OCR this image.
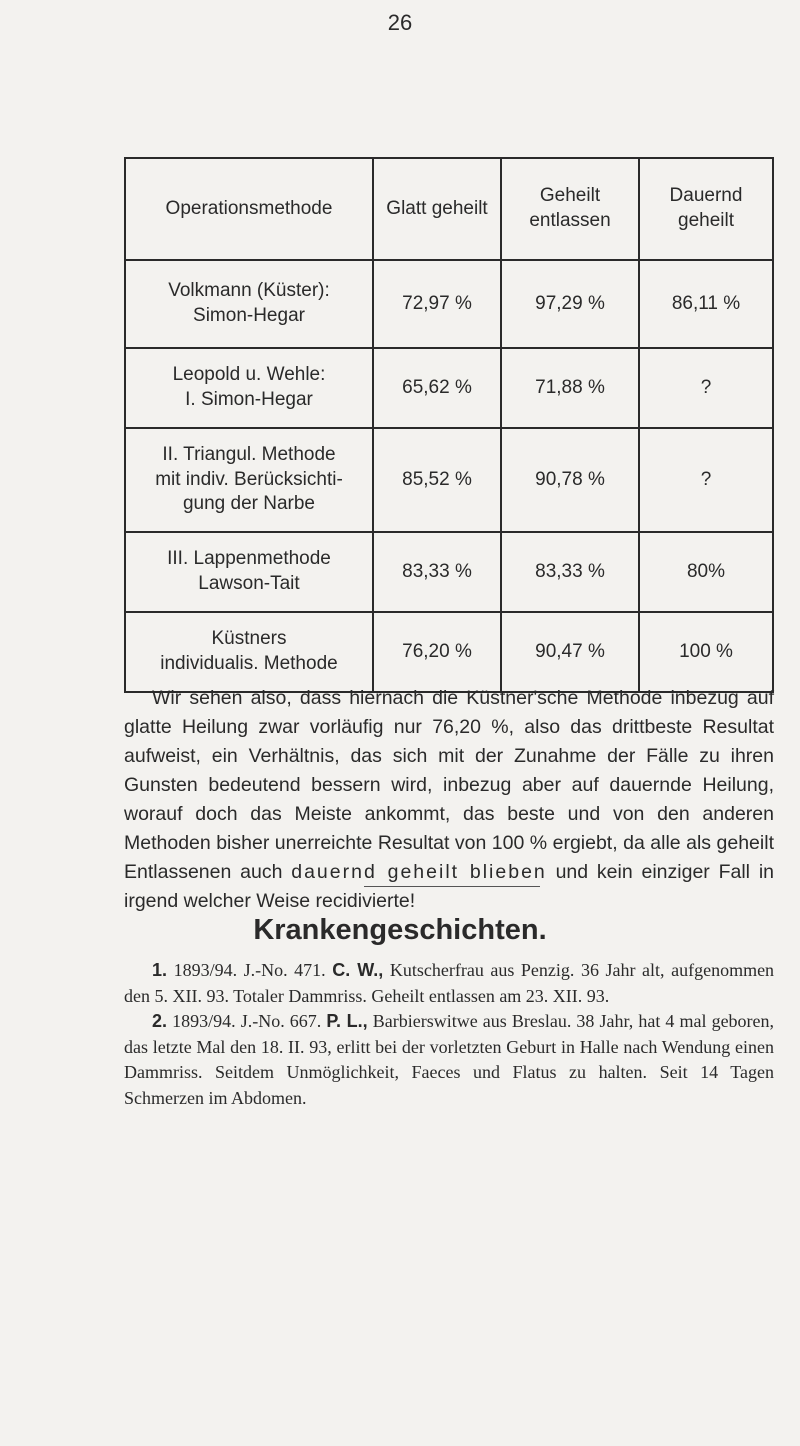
26
Operationsmethode	Glatt geheilt	Geheilt entlassen	Dauernd geheilt
Volkmann (Küster):
Simon-Hegar	72,97 %	97,29 %	86,11 %
Leopold u. Wehle:
I. Simon-Hegar	65,62 %	71,88 %	?
II. Triangul. Methode
mit indiv. Berücksichti-
gung der Narbe	85,52 %	90,78 %	?
III. Lappenmethode
Lawson-Tait	83,33 %	83,33 %	80%
Küstners
individualis. Methode	76,20 %	90,47 %	100 %

Wir sehen also, dass hiernach die Küstner'sche Methode inbezug auf glatte Heilung zwar vorläufig nur 76,20 %, also das drittbeste Resultat aufweist, ein Verhältnis, das sich mit der Zunahme der Fälle zu ihren Gunsten bedeutend bessern wird, inbezug aber auf dauernde Heilung, worauf doch das Meiste ankommt, das beste und von den anderen Methoden bisher unerreichte Resultat von 100 % ergiebt, da alle als geheilt Entlassenen auch dauernd geheilt blieben und kein einziger Fall in irgend welcher Weise recidivierte!

Krankengeschichten.

1. 1893/94. J.-No. 471. C. W., Kutscherfrau aus Penzig. 36 Jahr alt, aufgenommen den 5. XII. 93. Totaler Dammriss. Geheilt entlassen am 23. XII. 93.

2. 1893/94. J.-No. 667. P. L., Barbierswitwe aus Breslau. 38 Jahr, hat 4 mal geboren, das letzte Mal den 18. II. 93, erlitt bei der vorletzten Geburt in Halle nach Wendung einen Dammriss. Seitdem Unmöglichkeit, Faeces und Flatus zu halten. Seit 14 Tagen Schmerzen im Abdomen.
